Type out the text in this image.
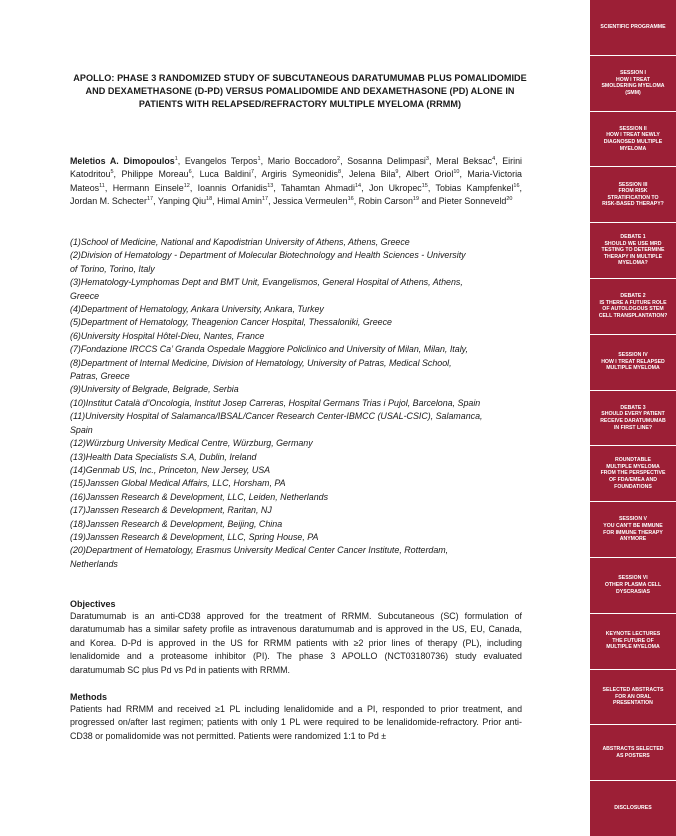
APOLLO: PHASE 3 RANDOMIZED STUDY OF SUBCUTANEOUS DARATUMUMAB PLUS POMALIDOMIDE AND DEXAMETHASONE (D-PD) VERSUS POMALIDOMIDE AND DEXAMETHASONE (PD) ALONE IN PATIENTS WITH RELAPSED/REFRACTORY MULTIPLE MYELOMA (RRMM)
Meletios A. Dimopoulos$^1$, Evangelos Terpos$^1$, Mario Boccadoro$^2$, Sosanna Delimpasi$^3$, Meral Beksac$^4$, Eirini Katodritou$^5$, Philippe Moreau$^6$, Luca Baldini$^7$, Argiris Symeonidis$^8$, Jelena Bila$^9$, Albert Oriol$^{10}$, Maria-Victoria Mateos$^{11}$, Hermann Einsele$^{12}$, Ioannis Orfanidis$^{13}$, Tahamtan Ahmadi$^{14}$, Jon Ukropec$^{15}$, Tobias Kampfenkel$^{16}$, Jordan M. Schecter$^{17}$, Yanping Qiu$^{18}$, Himal Amin$^{17}$, Jessica Vermeulen$^{16}$, Robin Carson$^{19}$ and Pieter Sonneveld$^{20}$
(1)School of Medicine, National and Kapodistrian University of Athens, Athens, Greece
(2)Division of Hematology - Department of Molecular Biotechnology and Health Sciences - University
of Torino, Torino, Italy
(3)Hematology-Lymphomas Dept and BMT Unit, Evangelismos, General Hospital of Athens, Athens,
Greece
(4)Department of Hematology, Ankara University, Ankara, Turkey
(5)Department of Hematology, Theagenion Cancer Hospital, Thessaloniki, Greece
(6)University Hospital Hôtel-Dieu, Nantes, France
(7)Fondazione IRCCS Ca’ Granda Ospedale Maggiore Policlinico and University of Milan, Milan, Italy,
(8)Department of Internal Medicine, Division of Hematology, University of Patras, Medical School,
Patras, Greece
(9)University of Belgrade, Belgrade, Serbia
(10)Institut Català d’Oncologia, Institut Josep Carreras, Hospital Germans Trias i Pujol, Barcelona, Spain
(11)University Hospital of Salamanca/IBSAL/Cancer Research Center-IBMCC (USAL-CSIC), Salamanca,
Spain
(12)Würzburg University Medical Centre, Würzburg, Germany
(13)Health Data Specialists S.A, Dublin, Ireland
(14)Genmab US, Inc., Princeton, New Jersey, USA
(15)Janssen Global Medical Affairs, LLC, Horsham, PA
(16)Janssen Research & Development, LLC, Leiden, Netherlands
(17)Janssen Research & Development, Raritan, NJ
(18)Janssen Research & Development, Beijing, China
(19)Janssen Research & Development, LLC, Spring House, PA
(20)Department of Hematology, Erasmus University Medical Center Cancer Institute, Rotterdam,
Netherlands
Objectives
Daratumumab is an anti-CD38 approved for the treatment of RRMM. Subcutaneous (SC) formulation of daratumumab has a similar safety profile as intravenous daratumumab and is approved in the US, EU, Canada, and Korea. D-Pd is approved in the US for RRMM patients with ≥2 prior lines of therapy (PL), including lenalidomide and a proteasome inhibitor (PI). The phase 3 APOLLO (NCT03180736) study evaluated daratumumab SC plus Pd vs Pd in patients with RRMM.
Methods
Patients had RRMM and received ≥1 PL including lenalidomide and a PI, responded to prior treatment, and progressed on/after last regimen; patients with only 1 PL were required to be lenalidomide-refractory. Prior anti-CD38 or pomalidomide was not permitted. Patients were randomized 1:1 to Pd ±
SCIENTIFIC PROGRAMME
SESSION I
HOW I TREAT
SMOLDERING MYELOMA
(SMM)
SESSION II
HOW I TREAT NEWLY
DIAGNOSED MULTIPLE
MYELOMA
SESSION III
FROM RISK
STRATIFICATION TO
RISK-BASED THERAPY?
DEBATE 1
SHOULD WE USE MRD
TESTING TO DETERMINE
THERAPY IN MULTIPLE
MYELOMA?
DEBATE 2
IS THERE A FUTURE ROLE
OF AUTOLOGOUS STEM
CELL TRANSPLANTATION?
SESSION IV
HOW I TREAT RELAPSED
MULTIPLE MYELOMA
DEBATE 3
SHOULD EVERY PATIENT
RECEIVE DARATUMUMAB
IN FIRST LINE?
ROUNDTABLE
MULTIPLE MYELOMA
FROM THE PERSPECTIVE
OF FDA/EMEA AND
FOUNDATIONS
SESSION V
YOU CAN'T BE IMMUNE
FOR IMMUNE THERAPY
ANYMORE
SESSION VI
OTHER PLASMA CELL
DYSCRASIAS
KEYNOTE LECTURES
THE FUTURE OF
MULTIPLE MYELOMA
SELECTED ABSTRACTS
FOR AN ORAL
PRESENTATION
ABSTRACTS SELECTED
AS POSTERS
DISCLOSURES
